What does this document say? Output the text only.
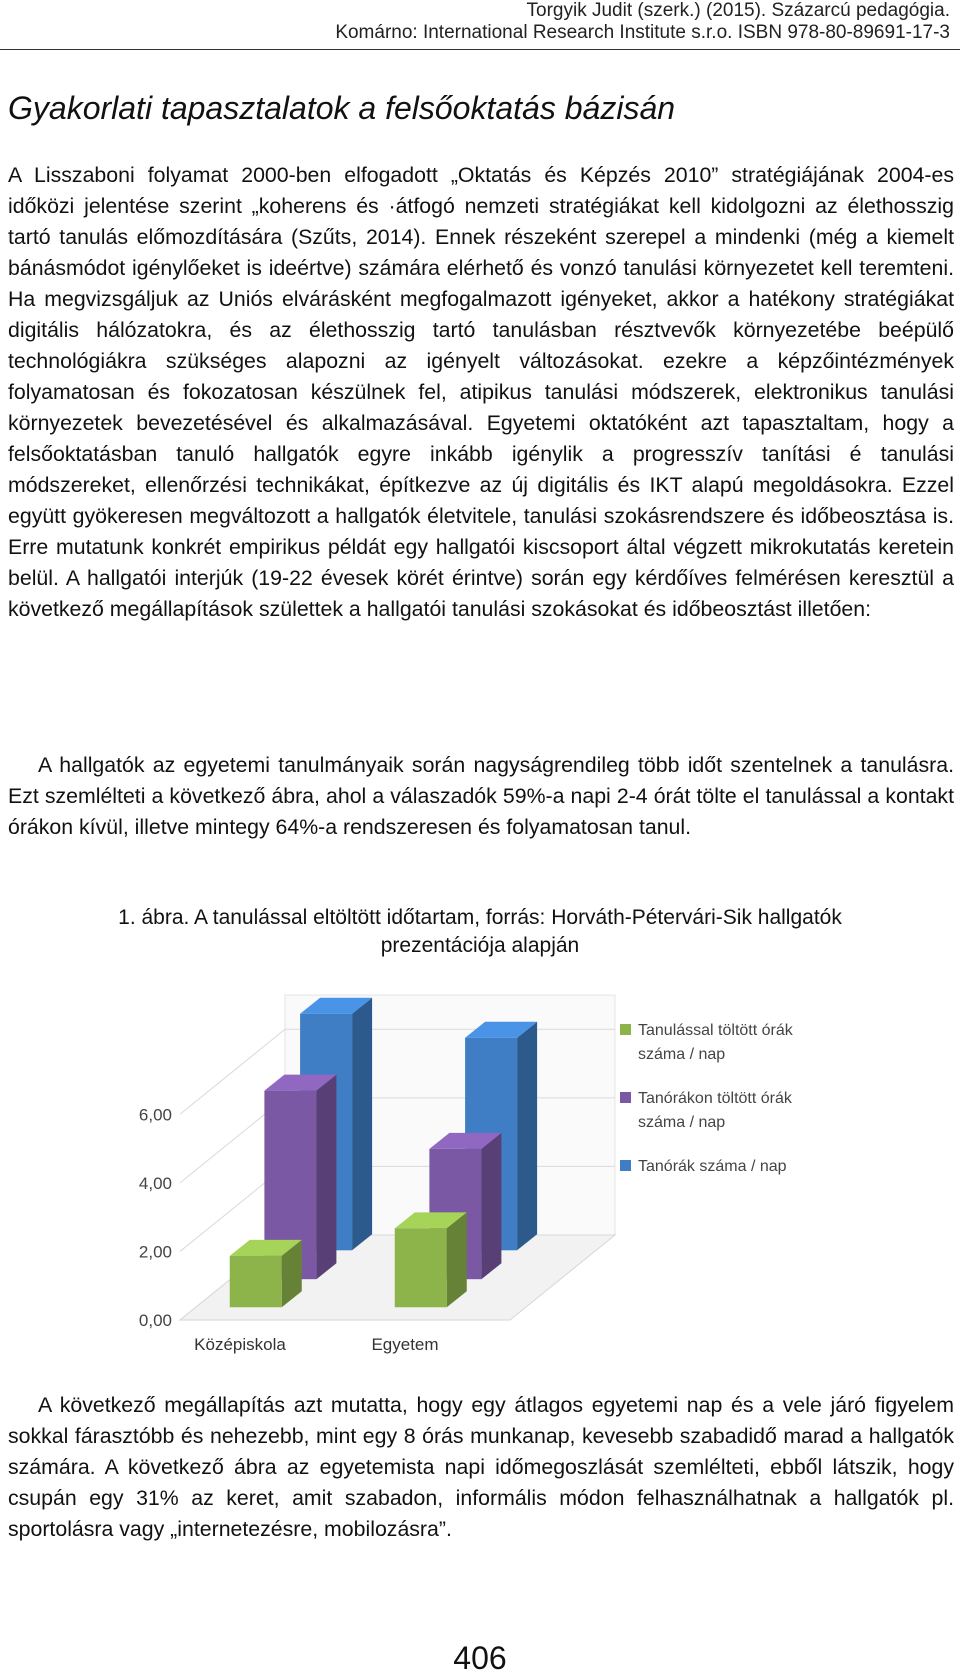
Torgyik Judit (szerk.) (2015). Százarcú pedagógia.
Komárno: International Research Institute s.r.o. ISBN 978-80-89691-17-3
Gyakorlati tapasztalatok a felsőoktatás bázisán

A Lisszaboni folyamat 2000-ben elfogadott „Oktatás és Képzés 2010” stratégiájának 2004-es időközi jelentése szerint „koherens és ·átfogó nemzeti stratégiákat kell kidolgozni az élethosszig tartó tanulás előmozdítására (Szűts, 2014). Ennek részeként szerepel a mindenki (még a kiemelt bánásmódot igénylőeket is ideértve) számára elérhető és vonzó tanulási környezetet kell teremteni. Ha megvizsgáljuk az Uniós elvárásként megfogalmazott igényeket, akkor a hatékony stratégiákat digitális hálózatokra, és az élethosszig tartó tanulásban résztvevők környezetébe beépülő technológiákra szükséges alapozni az igényelt változásokat. ezekre a képzőintézmények folyamatosan és fokozatosan készülnek fel, atipikus tanulási módszerek, elektronikus tanulási környezetek bevezetésével és alkalmazásával. Egyetemi oktatóként azt tapasztaltam, hogy a felsőoktatásban tanuló hallgatók egyre inkább igénylik a progresszív tanítási é tanulási módszereket, ellenőrzési technikákat, építkezve az új digitális és IKT alapú megoldásokra. Ezzel együtt gyökeresen megváltozott a hallgatók életvitele, tanulási szokásrendszere és időbeosztása is. Erre mutatunk konkrét empirikus példát egy hallgatói kiscsoport által végzett mikrokutatás keretein belül. A hallgatói interjúk (19-22 évesek körét érintve) során egy kérdőíves felmérésen keresztül a következő megállapítások születtek a hallgatói tanulási szokásokat és időbeosztást illetően:

A hallgatók az egyetemi tanulmányaik során nagyságrendileg több időt szentelnek a tanulásra. Ezt szemlélteti a következő ábra, ahol a válaszadók 59%-a napi 2-4 órát tölte el tanulással a kontakt órákon kívül, illetve mintegy 64%-a rendszeresen és folyamatosan tanul.

1. ábra. A tanulással eltöltött időtartam, forrás: Horváth-Pétervári-Sik hallgatók
prezentációja alapján
0,00
2,00
4,00
6,00
Középiskola	Egyetem
Tanulással töltött órák száma / nap
Tanórákon töltött órák száma / nap
Tanórák száma / nap

A következő megállapítás azt mutatta, hogy egy átlagos egyetemi nap és a vele járó figyelem sokkal fárasztóbb és nehezebb, mint egy 8 órás munkanap, kevesebb szabadidő marad a hallgatók számára. A következő ábra az egyetemista napi időmegoszlását szemlélteti, ebből látszik, hogy csupán egy 31% az keret, amit szabadon, informális módon felhasználhatnak a hallgatók pl. sportolásra vagy „internetezésre, mobilozásra”.

406
